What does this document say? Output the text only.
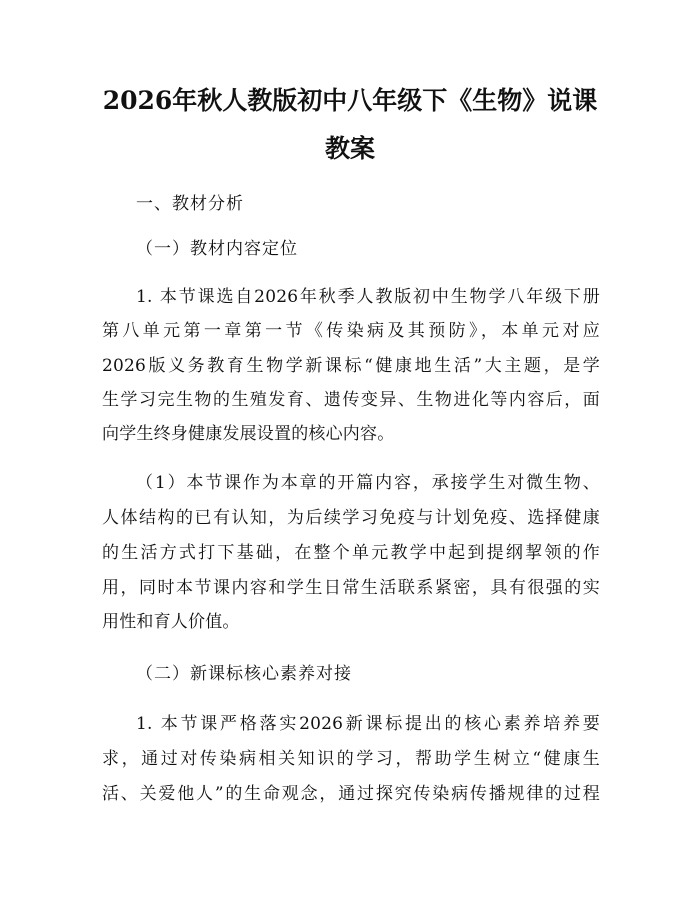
2026年秋人教版初中八年级下《生物》说课
教案
一、教材分析
（一）教材内容定位
1. 本节课选自2026年秋季人教版初中生物学八年级下册
第八单元第一章第一节《传染病及其预防》，本单元对应
2026版义务教育生物学新课标“健康地生活”大主题，是学
生学习完生物的生殖发育、遗传变异、生物进化等内容后，面
向学生终身健康发展设置的核心内容。
（1）本节课作为本章的开篇内容，承接学生对微生物、
人体结构的已有认知，为后续学习免疫与计划免疫、选择健康
的生活方式打下基础，在整个单元教学中起到提纲挈领的作
用，同时本节课内容和学生日常生活联系紧密，具有很强的实
用性和育人价值。
（二）新课标核心素养对接
1. 本节课严格落实2026新课标提出的核心素养培养要
求，通过对传染病相关知识的学习，帮助学生树立“健康生
活、关爱他人”的生命观念，通过探究传染病传播规律的过程
